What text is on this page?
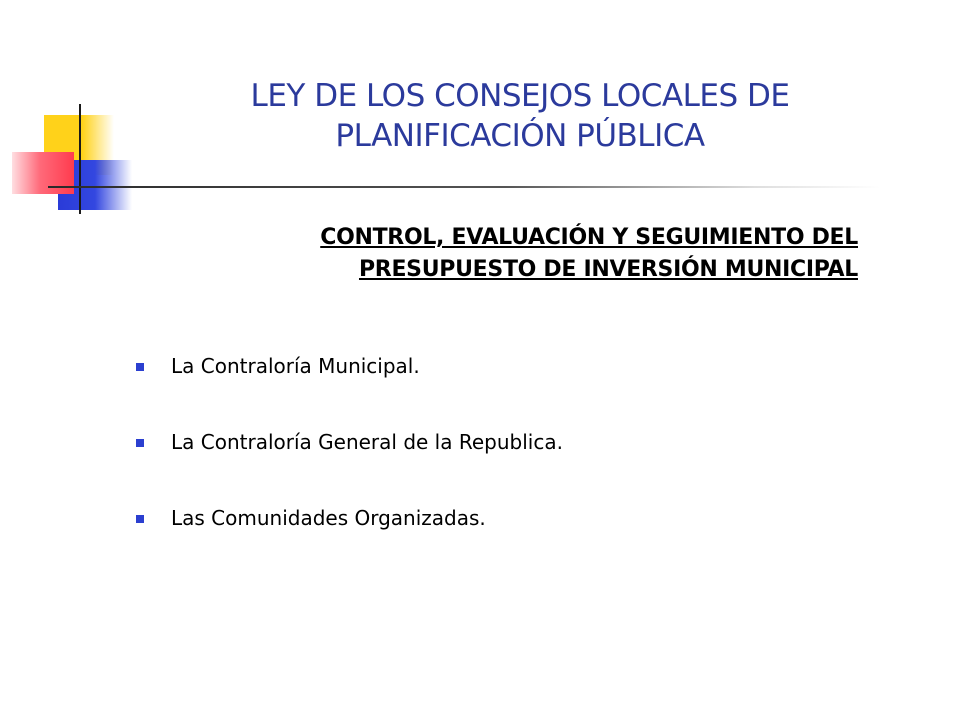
LEY DE LOS CONSEJOS LOCALES DE
PLANIFICACIÓN PÚBLICA
CONTROL, EVALUACIÓN Y SEGUIMIENTO DEL
PRESUPUESTO DE INVERSIÓN MUNICIPAL
La Contraloría Municipal.
La Contraloría General de la Republica.
Las Comunidades Organizadas.
